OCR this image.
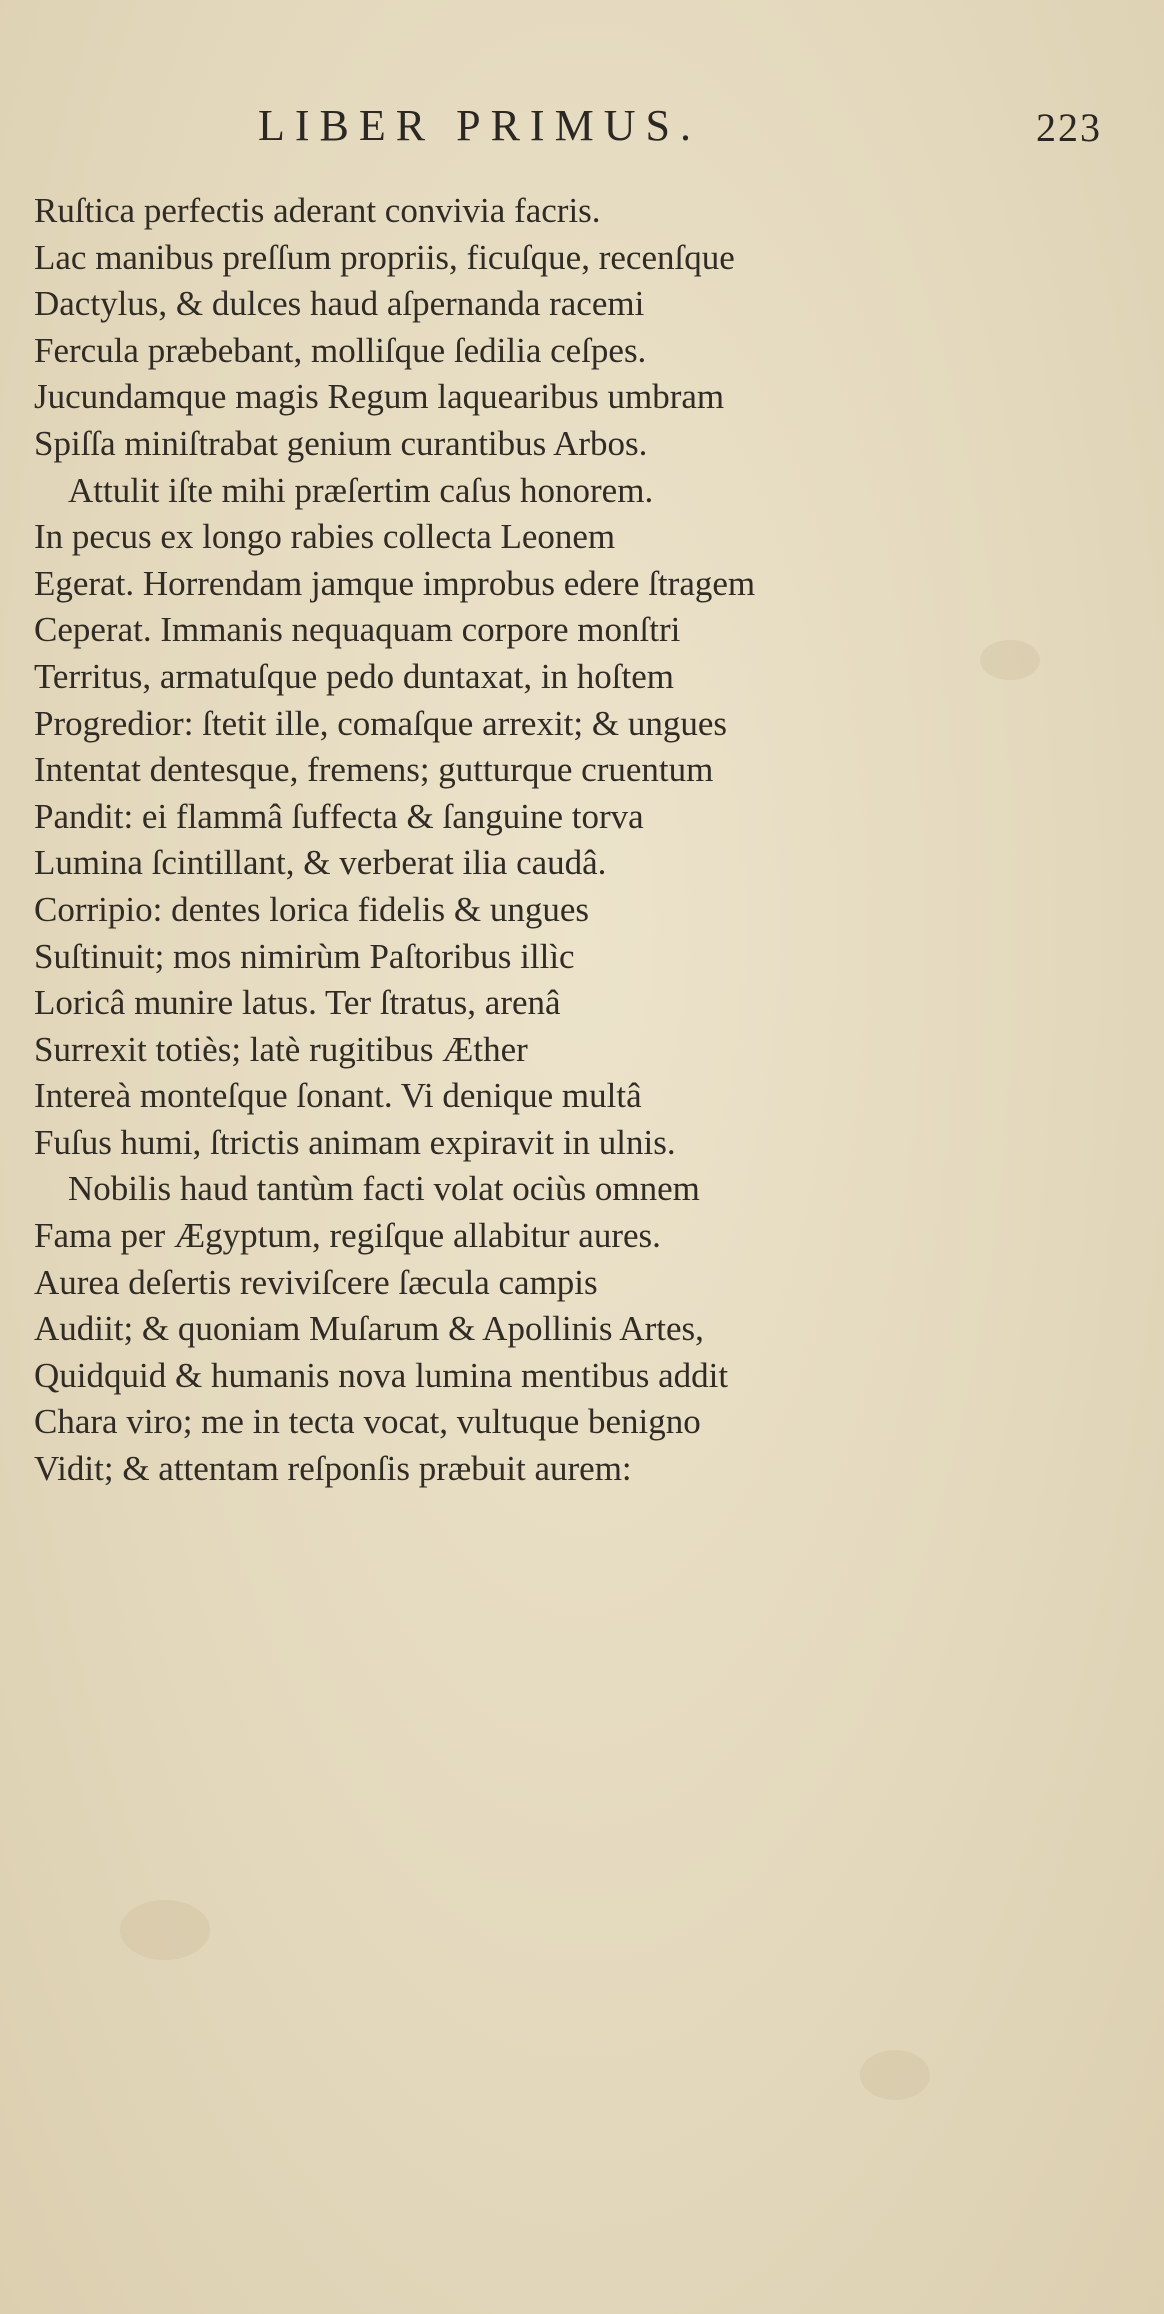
LIBER PRIMUS.	223
Ruſtica perfectis aderant convivia facris.
Lac manibus preſſum propriis, ficuſque, recenſque
Dactylus, & dulces haud aſpernanda racemi
Fercula præbebant, molliſque ſedilia ceſpes.
Jucundamque magis Regum laquearibus umbram
Spiſſa miniſtrabat genium curantibus Arbos.
Attulit iſte mihi præſertim caſus honorem.
In pecus ex longo rabies collecta Leonem
Egerat. Horrendam jamque improbus edere ſtragem
Ceperat. Immanis nequaquam corpore monſtri
Territus, armatuſque pedo duntaxat, in hoſtem
Progredior: ſtetit ille, comaſque arrexit; & ungues
Intentat dentesque, fremens; gutturque cruentum
Pandit: ei flammâ ſuffecta & ſanguine torva
Lumina ſcintillant, & verberat ilia caudâ.
Corripio: dentes lorica fidelis & ungues
Suſtinuit; mos nimirùm Paſtoribus illìc
Loricâ munire latus. Ter ſtratus, arenâ
Surrexit totiès; latè rugitibus Æther
Intereà monteſque ſonant. Vi denique multâ
Fuſus humi, ſtrictis animam expiravit in ulnis.
Nobilis haud tantùm facti volat ociùs omnem
Fama per Ægyptum, regiſque allabitur aures.
Aurea deſertis reviviſcere ſæcula campis
Audiit; & quoniam Muſarum & Apollinis Artes,
Quidquid & humanis nova lumina mentibus addit
Chara viro; me in tecta vocat, vultuque benigno
Vidit; & attentam reſponſis præbuit aurem:
